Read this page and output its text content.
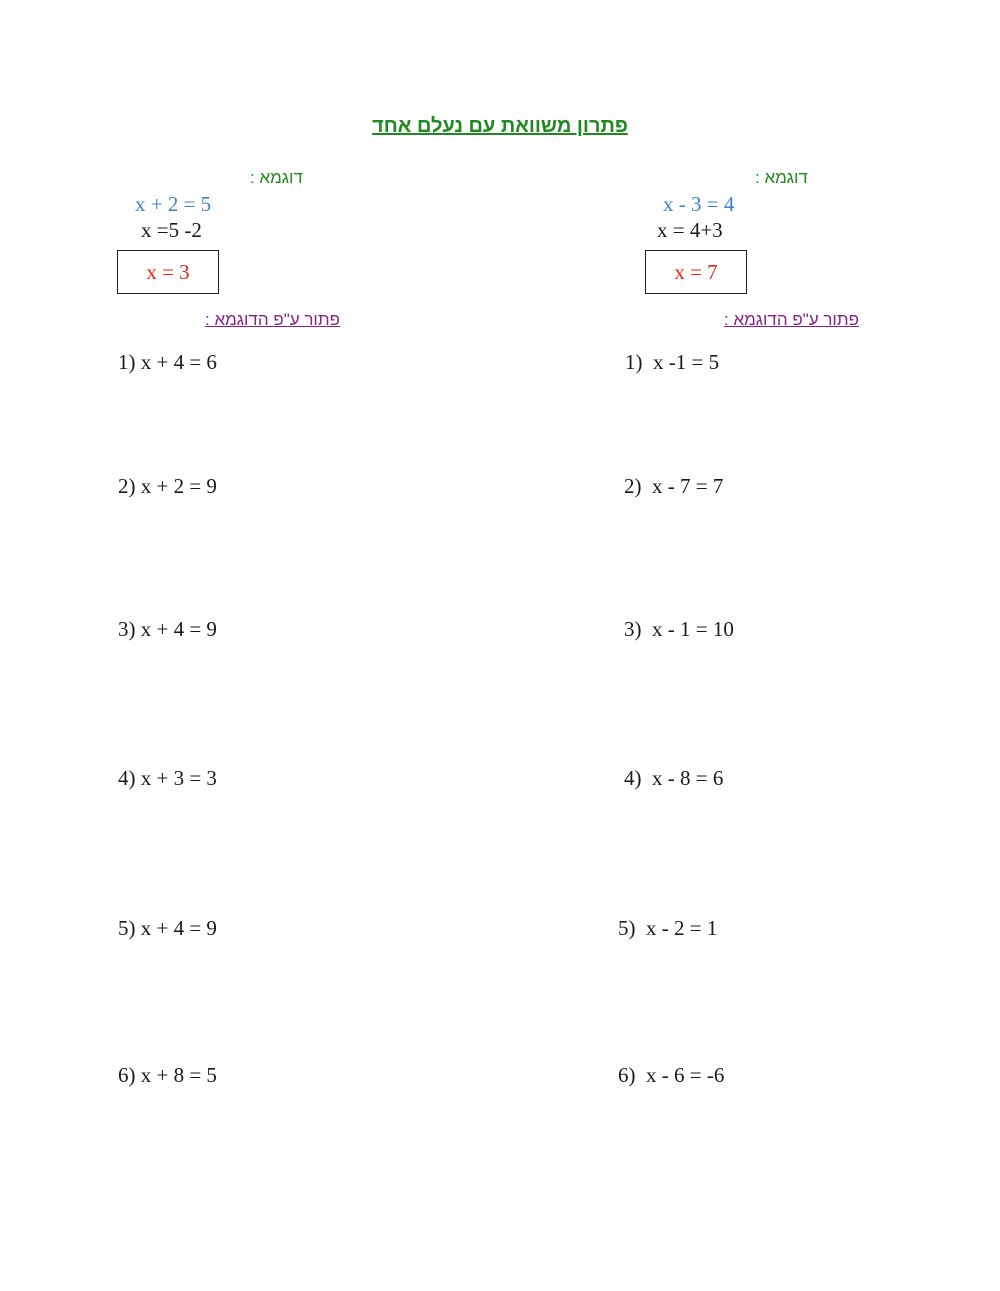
פתרון משוואת עם נעלם אחד
דוגמא :
x + 2 = 5
x =5 -2
x = 3
פתור ע"פ הדוגמא :
דוגמא :
x - 3 = 4
x = 4+3
x = 7
פתור ע"פ הדוגמא :
1) x + 4 = 6
2) x + 2 = 9
3) x + 4 = 9
4) x + 3 = 3
5) x + 4 = 9
6) x + 8 = 5
1)  x -1 = 5
2)  x - 7 = 7
3)  x - 1 = 10
4)  x - 8 = 6
5)  x - 2 = 1
6)  x - 6 = -6
